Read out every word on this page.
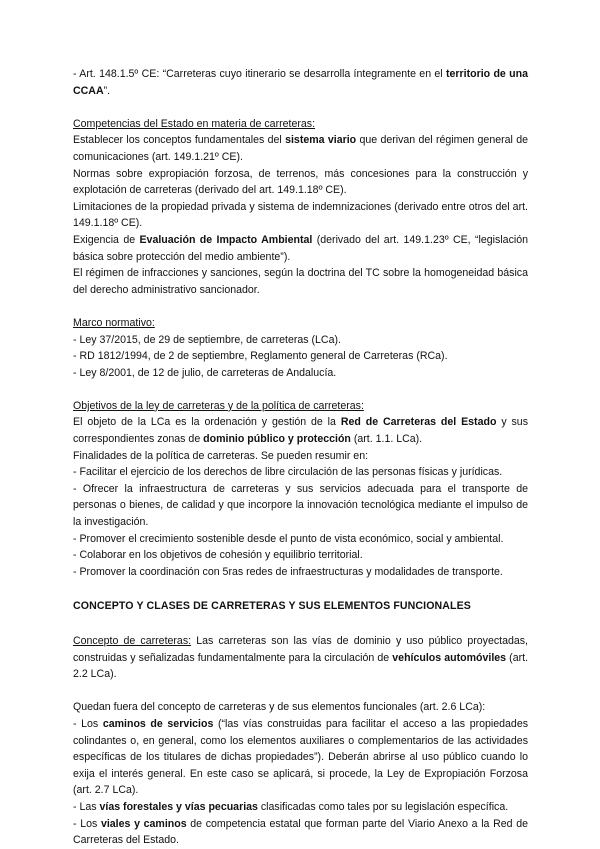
- Art. 148.1.5º CE: “Carreteras cuyo itinerario se desarrolla íntegramente en el territorio de una CCAA”.

Competencias del Estado en materia de carreteras:

Establecer los conceptos fundamentales del sistema viario que derivan del régimen general de comunicaciones (art. 149.1.21º CE).

Normas sobre expropiación forzosa, de terrenos, más concesiones para la construcción y explotación de carreteras (derivado del art. 149.1.18º CE).

Limitaciones de la propiedad privada y sistema de indemnizaciones (derivado entre otros del art. 149.1.18º CE).

Exigencia de Evaluación de Impacto Ambiental (derivado del art. 149.1.23º CE, “legislación básica sobre protección del medio ambiente”).

El régimen de infracciones y sanciones, según la doctrina del TC sobre la homogeneidad básica del derecho administrativo sancionador.

Marco normativo:

- Ley 37/2015, de 29 de septiembre, de carreteras (LCa).

- RD 1812/1994, de 2 de septiembre, Reglamento general de Carreteras (RCa).

- Ley 8/2001, de 12 de julio, de carreteras de Andalucía.

Objetivos de la ley de carreteras y de la política de carreteras:

El objeto de la LCa es la ordenación y gestión de la Red de Carreteras del Estado y sus correspondientes zonas de dominio público y protección (art. 1.1. LCa).

Finalidades de la política de carreteras. Se pueden resumir en:

- Facilitar el ejercicio de los derechos de libre circulación de las personas físicas y jurídicas.

- Ofrecer la infraestructura de carreteras y sus servicios adecuada para el transporte de personas o bienes, de calidad y que incorpore la innovación tecnológica mediante el impulso de la investigación.

- Promover el crecimiento sostenible desde el punto de vista económico, social y ambiental.

- Colaborar en los objetivos de cohesión y equilibrio territorial.

- Promover la coordinación con 5ras redes de infraestructuras y modalidades de transporte.

CONCEPTO Y CLASES DE CARRETERAS Y SUS ELEMENTOS FUNCIONALES

Concepto de carreteras: Las carreteras son las vías de dominio y uso público proyectadas, construidas y señalizadas fundamentalmente para la circulación de vehículos automóviles (art. 2.2 LCa).

Quedan fuera del concepto de carreteras y de sus elementos funcionales (art. 2.6 LCa):

- Los caminos de servicios (“las vías construidas para facilitar el acceso a las propiedades colindantes o, en general, como los elementos auxiliares o complementarios de las actividades específicas de los titulares de dichas propiedades”). Deberán abrirse al uso público cuando lo exija el interés general. En este caso se aplicará, si procede, la Ley de Expropiación Forzosa (art. 2.7 LCa).

- Las vías forestales y vías pecuarias clasificadas como tales por su legislación específica.

- Los viales y caminos de competencia estatal que forman parte del Viario Anexo a la Red de Carreteras del Estado.
